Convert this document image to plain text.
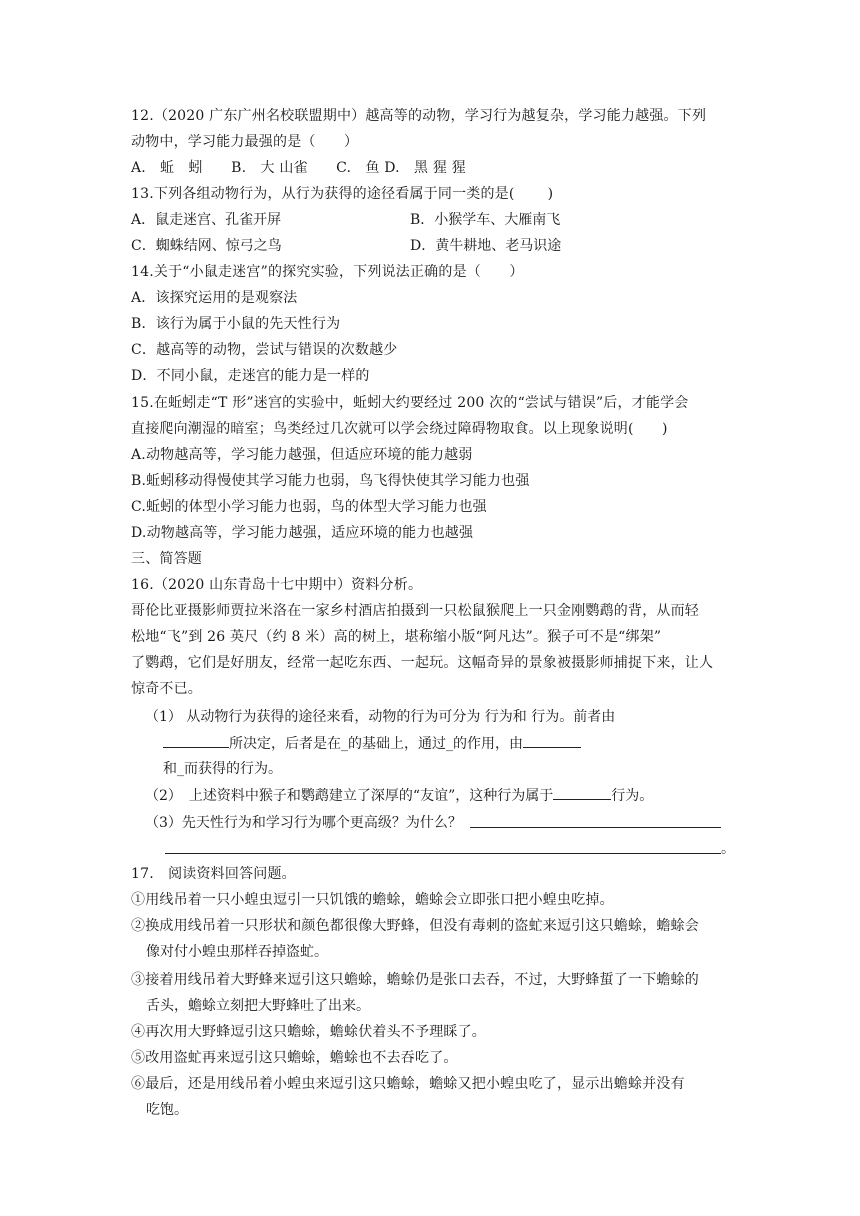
12.（2020 广东广州名校联盟期中）越高等的动物，学习行为越复杂，学习能力越强。下列
动物中，学习能力最强的是（　　）
A.　蚯　蚓　　B.　大 山雀　　C.　鱼 D.　黑 猩 猩
13.下列各组动物行为，从行为获得的途径看属于同一类的是(　　 )
A．鼠走迷宫、孔雀开屏	B．小猴学车、大雁南飞
C．蜘蛛结网、惊弓之鸟	D．黄牛耕地、老马识途
14.关于“小鼠走迷宫”的探究实验，下列说法正确的是（　　）
A．该探究运用的是观察法
B．该行为属于小鼠的先天性行为
C．越高等的动物，尝试与错误的次数越少
D．不同小鼠，走迷宫的能力是一样的
15.在蚯蚓走“T 形”迷宫的实验中，蚯蚓大约要经过 200 次的“尝试与错误”后，才能学会
直接爬向潮湿的暗室；鸟类经过几次就可以学会绕过障碍物取食。以上现象说明(　　)
A.动物越高等，学习能力越强，但适应环境的能力越弱
B.蚯蚓移动得慢使其学习能力也弱，鸟飞得快使其学习能力也强
C.蚯蚓的体型小学习能力也弱，鸟的体型大学习能力也强
D.动物越高等，学习能力越强，适应环境的能力也越强
三、简答题
16.（2020 山东青岛十七中期中）资料分析。
哥伦比亚摄影师贾拉米洛在一家乡村酒店拍摄到一只松鼠猴爬上一只金刚鹦鹉的背，从而轻
松地“飞”到 26 英尺（约 8 米）高的树上，堪称缩小版“阿凡达”。猴子可不是“绑架”
了鹦鹉，它们是好朋友，经常一起吃东西、一起玩。这幅奇异的景象被摄影师捕捉下来，让人
惊奇不已。
（1） 从动物行为获得的途径来看，动物的行为可分为 行为和 行为。前者由
所决定，后者是在_的基础上，通过_的作用，由
和_而获得的行为。
（2）　上述资料中猴子和鹦鹉建立了深厚的“友谊”，这种行为属于	行为。
（3）先天性行为和学习行为哪个更高级？为什么？
。
17.　阅读资料回答问题。
①用线吊着一只小蝗虫逗引一只饥饿的蟾蜍，蟾蜍会立即张口把小蝗虫吃掉。
②换成用线吊着一只形状和颜色都很像大野蜂，但没有毒刺的盗虻来逗引这只蟾蜍，蟾蜍会
像对付小蝗虫那样吞掉盗虻。
③接着用线吊着大野蜂来逗引这只蟾蜍，蟾蜍仍是张口去吞，不过，大野蜂蜇了一下蟾蜍的
舌头，蟾蜍立刻把大野蜂吐了出来。
④再次用大野蜂逗引这只蟾蜍，蟾蜍伏着头不予理睬了。
⑤改用盗虻再来逗引这只蟾蜍，蟾蜍也不去吞吃了。
⑥最后，还是用线吊着小蝗虫来逗引这只蟾蜍，蟾蜍又把小蝗虫吃了，显示出蟾蜍并没有
吃饱。
